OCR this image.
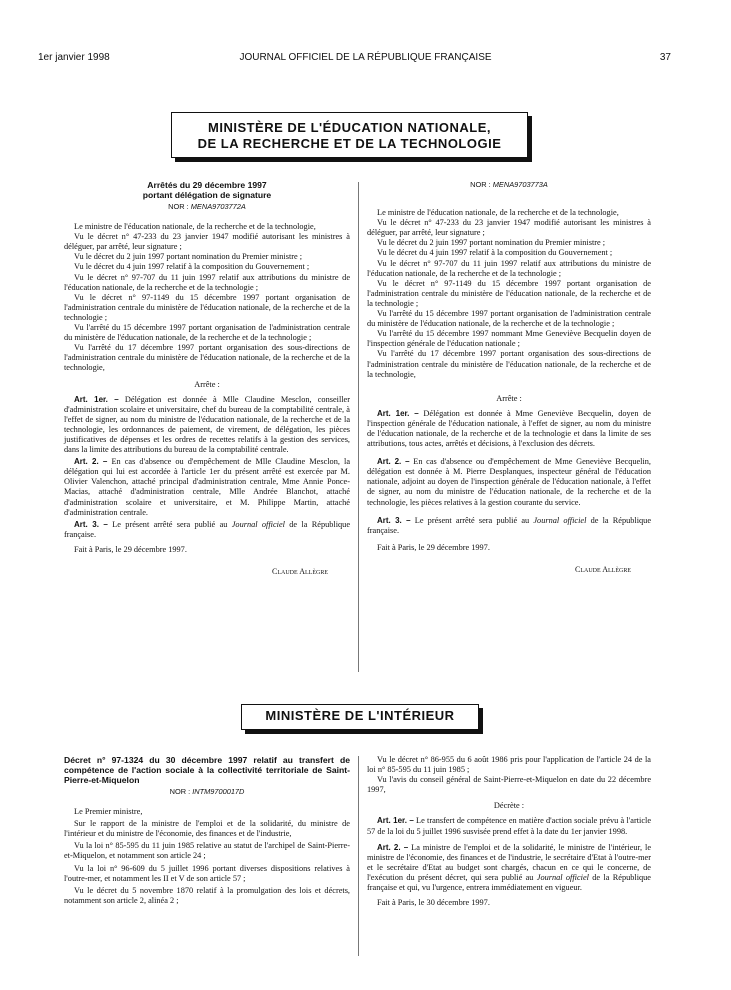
1er janvier 1998	JOURNAL OFFICIEL DE LA RÉPUBLIQUE FRANÇAISE	37
MINISTÈRE DE L'ÉDUCATION NATIONALE,
DE LA RECHERCHE ET DE LA TECHNOLOGIE
Arrêtés du 29 décembre 1997
portant délégation de signature
NOR : MENA9703772A

Le ministre de l'éducation nationale, de la recherche et de la technologie,

Vu le décret n° 47-233 du 23 janvier 1947 modifié autorisant les ministres à déléguer, par arrêté, leur signature ;

Vu le décret du 2 juin 1997 portant nomination du Premier ministre ;

Vu le décret du 4 juin 1997 relatif à la composition du Gouvernement ;

Vu le décret n° 97-707 du 11 juin 1997 relatif aux attributions du ministre de l'éducation nationale, de la recherche et de la technologie ;

Vu le décret n° 97-1149 du 15 décembre 1997 portant organisation de l'administration centrale du ministère de l'éducation nationale, de la recherche et de la technologie ;

Vu l'arrêté du 15 décembre 1997 portant organisation de l'administration centrale du ministère de l'éducation nationale, de la recherche et de la technologie ;

Vu l'arrêté du 17 décembre 1997 portant organisation des sous-directions de l'administration centrale du ministère de l'éducation nationale, de la recherche et de la technologie,

Arrête :

Art. 1er. – Délégation est donnée à Mlle Claudine Mesclon, conseiller d'administration scolaire et universitaire, chef du bureau de la comptabilité centrale, à l'effet de signer, au nom du ministre de l'éducation nationale, de la recherche et de la technologie, les ordonnances de paiement, de virement, de délégation, les pièces justificatives de dépenses et les ordres de recettes relatifs à la gestion des services, dans la limite des attributions du bureau de la comptabilité centrale.

Art. 2. – En cas d'absence ou d'empêchement de Mlle Claudine Mesclon, la délégation qui lui est accordée à l'article 1er du présent arrêté est exercée par M. Olivier Valenchon, attaché principal d'administration centrale, Mme Annie Ponce-Macias, attaché d'administration centrale, Mlle Andrée Blanchot, attaché d'administration scolaire et universitaire, et M. Philippe Martin, attaché d'administration centrale.

Art. 3. – Le présent arrêté sera publié au Journal officiel de la République française.

Fait à Paris, le 29 décembre 1997.

Claude Allègre

NOR : MENA9703773A

Le ministre de l'éducation nationale, de la recherche et de la technologie,

Vu le décret n° 47-233 du 23 janvier 1947 modifié autorisant les ministres à déléguer, par arrêté, leur signature ;

Vu le décret du 2 juin 1997 portant nomination du Premier ministre ;

Vu le décret du 4 juin 1997 relatif à la composition du Gouvernement ;

Vu le décret n° 97-707 du 11 juin 1997 relatif aux attributions du ministre de l'éducation nationale, de la recherche et de la technologie ;

Vu le décret n° 97-1149 du 15 décembre 1997 portant organisation de l'administration centrale du ministère de l'éducation nationale, de la recherche et de la technologie ;

Vu l'arrêté du 15 décembre 1997 portant organisation de l'administration centrale du ministère de l'éducation nationale, de la recherche et de la technologie ;

Vu l'arrêté du 15 décembre 1997 nommant Mme Geneviève Becquelin doyen de l'inspection générale de l'éducation nationale ;

Vu l'arrêté du 17 décembre 1997 portant organisation des sous-directions de l'administration centrale du ministère de l'éducation nationale, de la recherche et de la technologie,

Arrête :

Art. 1er. – Délégation est donnée à Mme Geneviève Becquelin, doyen de l'inspection générale de l'éducation nationale, à l'effet de signer, au nom du ministre de l'éducation nationale, de la recherche et de la technologie et dans la limite de ses attributions, tous actes, arrêtés et décisions, à l'exclusion des décrets.

Art. 2. – En cas d'absence ou d'empêchement de Mme Geneviève Becquelin, délégation est donnée à M. Pierre Desplanques, inspecteur général de l'éducation nationale, adjoint au doyen de l'inspection générale de l'éducation nationale, à l'effet de signer, au nom du ministre de l'éducation nationale, de la recherche et de la technologie, les pièces relatives à la gestion courante du service.

Art. 3. – Le présent arrêté sera publié au Journal officiel de la République française.

Fait à Paris, le 29 décembre 1997.

Claude Allègre

MINISTÈRE DE L'INTÉRIEUR
Décret n° 97-1324 du 30 décembre 1997 relatif au transfert de compétence de l'action sociale à la collectivité territoriale de Saint-Pierre-et-Miquelon
NOR : INTM9700017D

Le Premier ministre,

Sur le rapport de la ministre de l'emploi et de la solidarité, du ministre de l'intérieur et du ministre de l'économie, des finances et de l'industrie,

Vu la loi n° 85-595 du 11 juin 1985 relative au statut de l'archipel de Saint-Pierre-et-Miquelon, et notamment son article 24 ;

Vu la loi n° 96-609 du 5 juillet 1996 portant diverses dispositions relatives à l'outre-mer, et notamment les II et V de son article 57 ;

Vu le décret du 5 novembre 1870 relatif à la promulgation des lois et décrets, notamment son article 2, alinéa 2 ;

Vu le décret n° 86-955 du 6 août 1986 pris pour l'application de l'article 24 de la loi n° 85-595 du 11 juin 1985 ;

Vu l'avis du conseil général de Saint-Pierre-et-Miquelon en date du 22 décembre 1997,

Décrète :

Art. 1er. – Le transfert de compétence en matière d'action sociale prévu à l'article 57 de la loi du 5 juillet 1996 susvisée prend effet à la date du 1er janvier 1998.

Art. 2. – La ministre de l'emploi et de la solidarité, le ministre de l'intérieur, le ministre de l'économie, des finances et de l'industrie, le secrétaire d'Etat à l'outre-mer et le secrétaire d'Etat au budget sont chargés, chacun en ce qui le concerne, de l'exécution du présent décret, qui sera publié au Journal officiel de la République française et qui, vu l'urgence, entrera immédiatement en vigueur.

Fait à Paris, le 30 décembre 1997.
